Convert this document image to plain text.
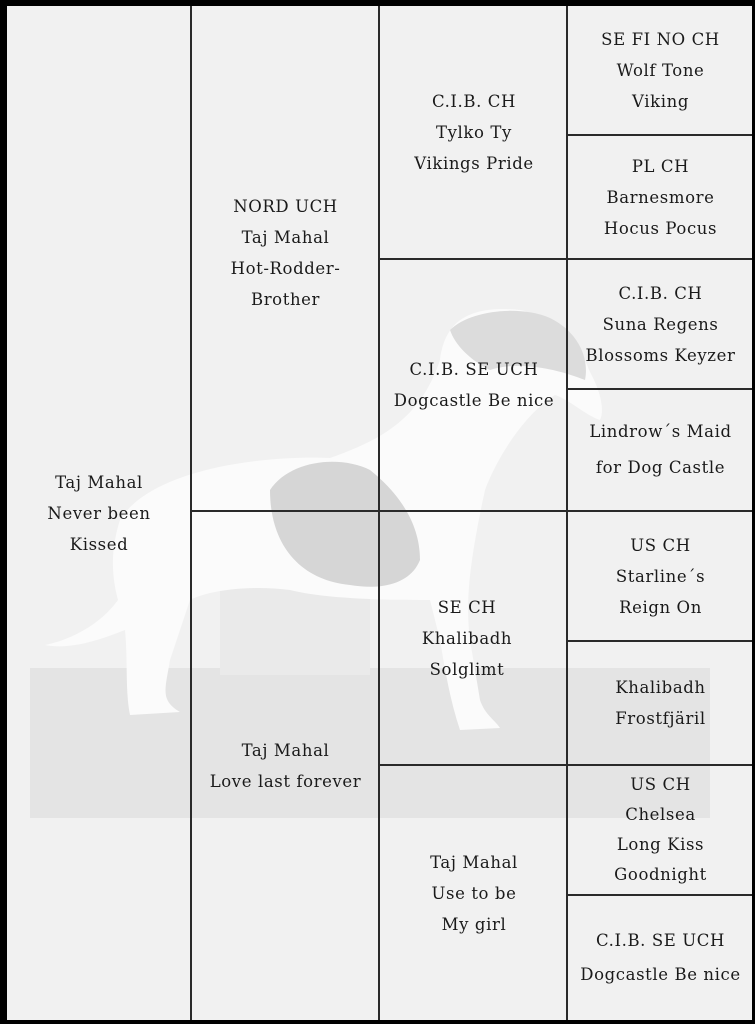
Taj Mahal
Never been
Kissed
NORD UCH
Taj Mahal
Hot-Rodder-
Brother
Taj Mahal
Love last forever
C.I.B. CH
Tylko Ty
Vikings Pride
C.I.B. SE UCH
Dogcastle Be nice
SE CH
Khalibadh
Solglimt
Taj Mahal
Use to be
My girl
SE FI NO CH
Wolf Tone
Viking
PL CH
Barnesmore
Hocus Pocus
C.I.B. CH
Suna Regens
Blossoms Keyzer
Lindrow´s Maid
for Dog Castle
US CH
Starline´s
Reign On
Khalibadh
Frostfjäril
US CH
Chelsea
Long Kiss
Goodnight
C.I.B. SE UCH
Dogcastle Be nice
